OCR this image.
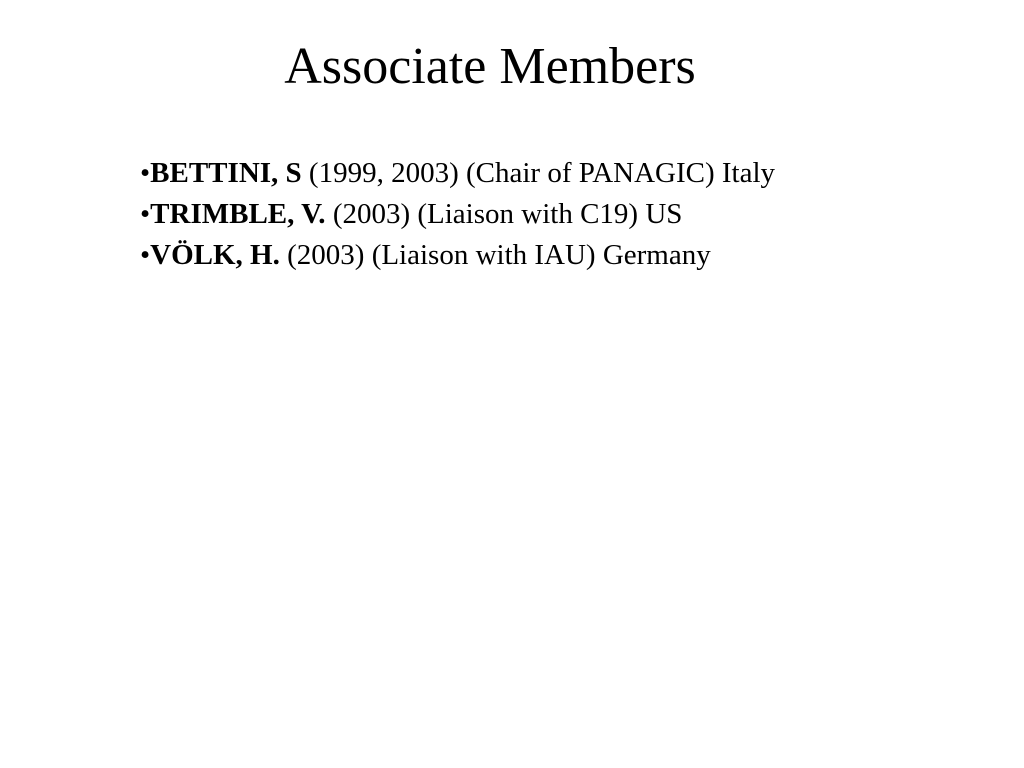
Associate Members
•BETTINI, S (1999, 2003) (Chair of PANAGIC) Italy
•TRIMBLE, V. (2003) (Liaison with C19) US
•VÖLK, H. (2003) (Liaison with IAU) Germany
